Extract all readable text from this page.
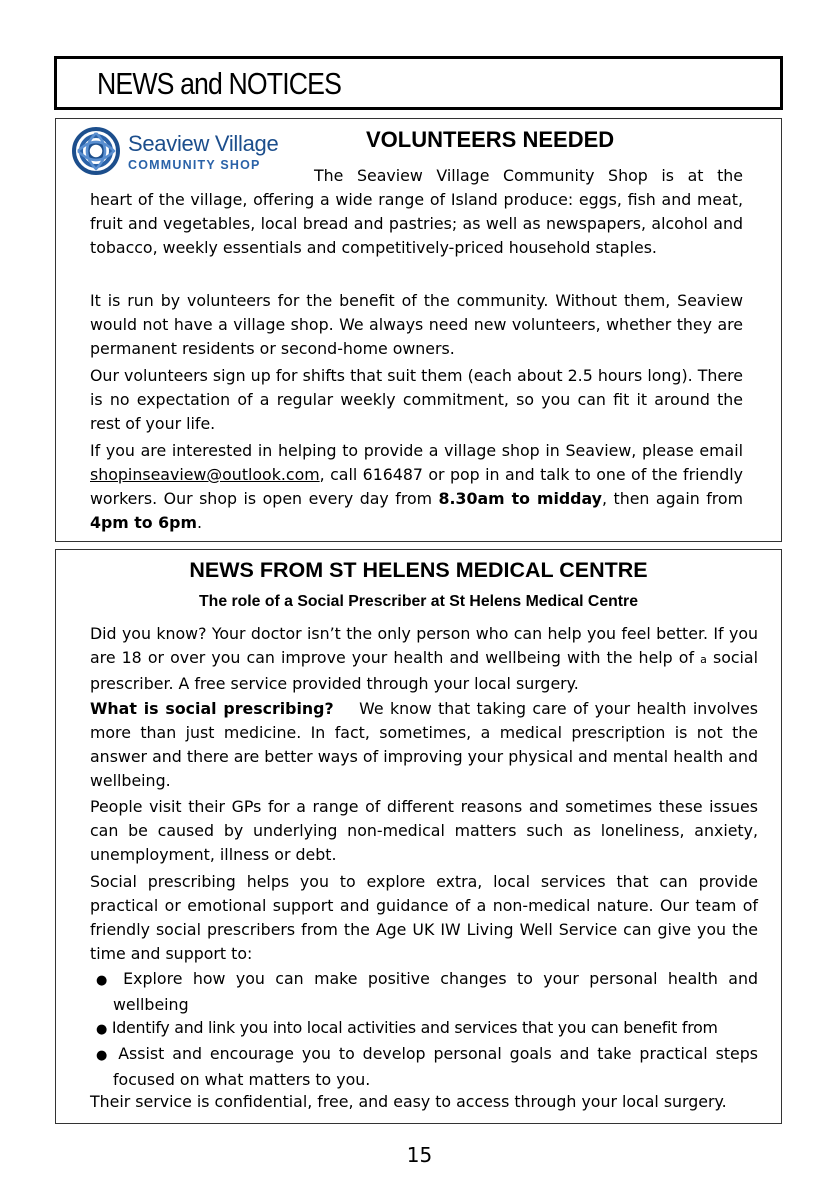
NEWS and NOTICES
Seaview Village
COMMUNITY SHOP
VOLUNTEERS NEEDED

The Seaview Village Community Shop is at the

heart of the village, offering a wide range of Island produce: eggs, fish and meat, fruit and vegetables, local bread and pastries; as well as newspapers, alcohol and tobacco, weekly essentials and competitively-priced household staples.

It is run by volunteers for the benefit of the community. Without them, Seaview would not have a village shop. We always need new volunteers, whether they are permanent residents or second-home owners.

Our volunteers sign up for shifts that suit them (each about 2.5 hours long). There is no expectation of a regular weekly commitment, so you can fit it around the rest of your life.

If you are interested in helping to provide a village shop in Seaview, please email shopinseaview@outlook.com, call 616487 or pop in and talk to one of the friendly workers. Our shop is open every day from 8.30am to midday, then again from 4pm to 6pm.

NEWS FROM ST HELENS MEDICAL CENTRE
The role of a Social Prescriber at St Helens Medical Centre

Did you know? Your doctor isn’t the only person who can help you feel better. If you are 18 or over you can improve your health and wellbeing with the help of a social prescriber. A free service provided through your local surgery.

What is social prescribing? We know that taking care of your health involves more than just medicine. In fact, sometimes, a medical prescription is not the answer and there are better ways of improving your physical and mental health and wellbeing.

People visit their GPs for a range of different reasons and sometimes these issues can be caused by underlying non-medical matters such as loneliness, anxiety, unemployment, illness or debt.

Social prescribing helps you to explore extra, local services that can provide practical or emotional support and guidance of a non-medical nature. Our team of friendly social prescribers from the Age UK IW Living Well Service can give you the time and support to:

● Explore how you can make positive changes to your personal health and wellbeing

● Identify and link you into local activities and services that you can benefit from

● Assist and encourage you to develop personal goals and take practical steps focused on what matters to you.

Their service is confidential, free, and easy to access through your local surgery.

15
